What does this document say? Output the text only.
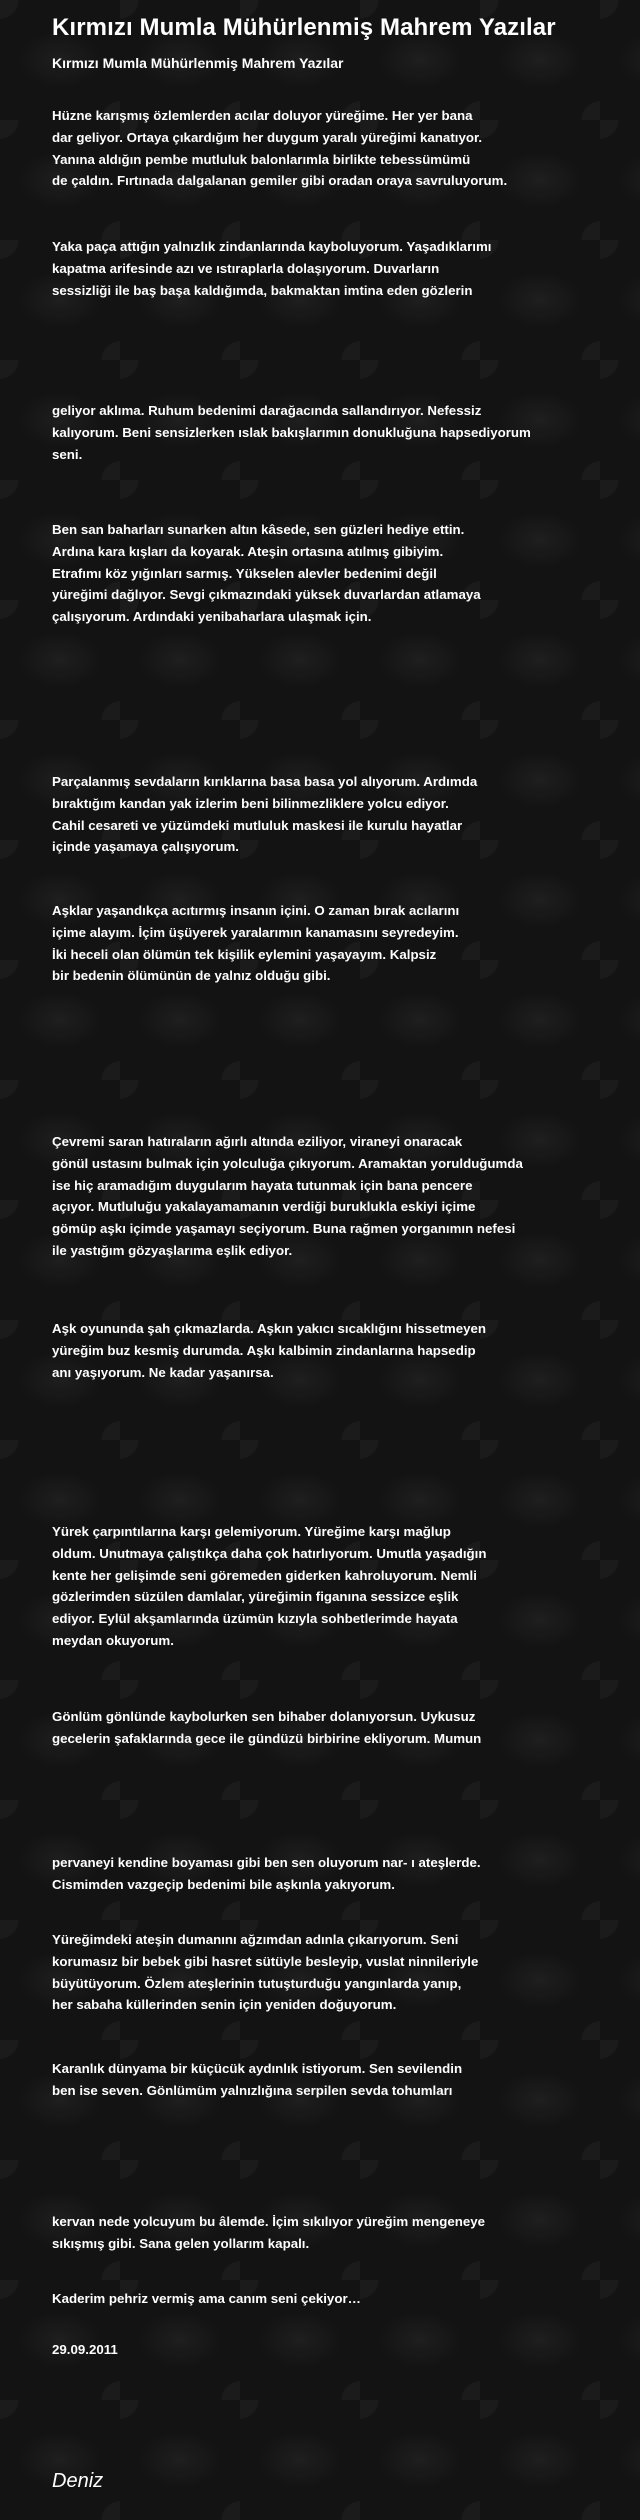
Kırmızı Mumla Mühürlenmiş Mahrem Yazılar
Kırmızı Mumla Mühürlenmiş Mahrem Yazılar

Hüzne karışmış özlemlerden acılar doluyor yüreğime. Her yer bana
dar geliyor. Ortaya çıkardığım her duygum yaralı yüreğimi kanatıyor.
Yanına aldığın pembe mutluluk balonlarımla birlikte tebessümümü
de çaldın. Fırtınada dalgalanan gemiler gibi oradan oraya savruluyorum.

Yaka paça attığın yalnızlık zindanlarında kayboluyorum. Yaşadıklarımı
kapatma arifesinde azı ve ıstıraplarla dolaşıyorum. Duvarların
sessizliği ile baş başa kaldığımda, bakmaktan imtina eden gözlerin

geliyor aklıma. Ruhum bedenimi darağacında sallandırıyor. Nefessiz
kalıyorum. Beni sensizlerken ıslak bakışlarımın donukluğuna hapsediyorum
seni.

Ben san baharları sunarken altın kâsede, sen güzleri hediye ettin.
Ardına kara kışları da koyarak. Ateşin ortasına atılmış gibiyim.
Etrafımı köz yığınları sarmış. Yükselen alevler bedenimi değil
yüreğimi dağlıyor. Sevgi çıkmazındaki yüksek duvarlardan atlamaya
çalışıyorum. Ardındaki yenibaharlara ulaşmak için.

Parçalanmış sevdaların kırıklarına basa basa yol alıyorum. Ardımda
bıraktığım kandan yak izlerim beni bilinmezliklere yolcu ediyor.
Cahil cesareti ve yüzümdeki mutluluk maskesi ile kurulu hayatlar
içinde yaşamaya çalışıyorum.

Aşklar yaşandıkça acıtırmış insanın içini. O zaman bırak acılarını
içime alayım. İçim üşüyerek yaralarımın kanamasını seyredeyim.
İki heceli olan ölümün tek kişilik eylemini yaşayayım. Kalpsiz
bir bedenin ölümünün de yalnız olduğu gibi.

Çevremi saran hatıraların ağırlı altında eziliyor, viraneyi onaracak
gönül ustasını bulmak için yolculuğa çıkıyorum. Aramaktan yorulduğumda
ise hiç aramadığım duygularım hayata tutunmak için bana pencere
açıyor. Mutluluğu yakalayamamanın verdiği buruklukla eskiyi içime
gömüp aşkı içimde yaşamayı seçiyorum. Buna rağmen yorganımın nefesi
ile yastığım gözyaşlarıma eşlik ediyor.

Aşk oyununda şah çıkmazlarda. Aşkın yakıcı sıcaklığını hissetmeyen
yüreğim buz kesmiş durumda. Aşkı kalbimin zindanlarına hapsedip
anı yaşıyorum. Ne kadar yaşanırsa.

Yürek çarpıntılarına karşı gelemiyorum. Yüreğime karşı mağlup
oldum. Unutmaya çalıştıkça daha çok hatırlıyorum. Umutla yaşadığın
kente her gelişimde seni göremeden giderken kahroluyorum. Nemli
gözlerimden süzülen damlalar, yüreğimin figanına sessizce eşlik
ediyor. Eylül akşamlarında üzümün kızıyla sohbetlerimde hayata
meydan okuyorum.

Gönlüm gönlünde kaybolurken sen bihaber dolanıyorsun. Uykusuz
gecelerin şafaklarında gece ile gündüzü birbirine ekliyorum. Mumun

pervaneyi kendine boyaması gibi ben sen oluyorum nar- ı ateşlerde.
Cismimden vazgeçip bedenimi bile aşkınla yakıyorum.

Yüreğimdeki ateşin dumanını ağzımdan adınla çıkarıyorum. Seni
korumasız bir bebek gibi hasret sütüyle besleyip, vuslat ninnileriyle
büyütüyorum. Özlem ateşlerinin tutuşturduğu yangınlarda yanıp,
her sabaha küllerinden senin için yeniden doğuyorum.

Karanlık dünyama bir küçücük aydınlık istiyorum. Sen sevilendin
ben ise seven. Gönlümüm yalnızlığına serpilen sevda tohumları

kervan nede yolcuyum bu âlemde. İçim sıkılıyor yüreğim mengeneye
sıkışmış gibi. Sana gelen yollarım kapalı.

Kaderim pehriz vermiş ama canım seni çekiyor…

29.09.2011

Deniz
